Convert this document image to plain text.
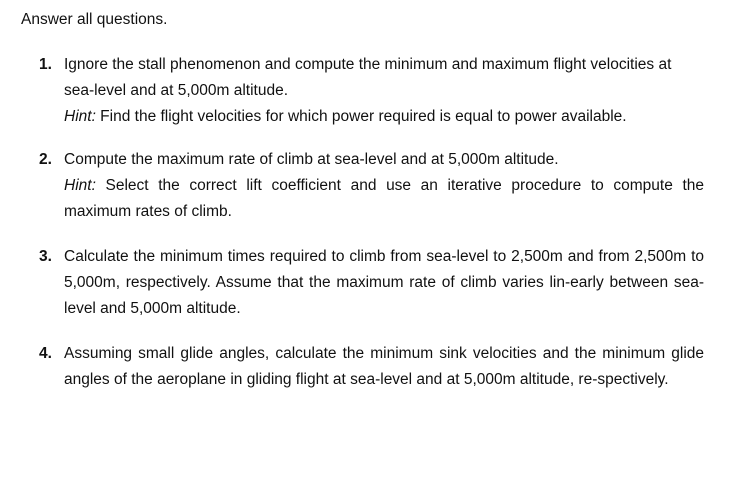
Answer all questions.

1. Ignore the stall phenomenon and compute the minimum and maximum flight velocities at sea-level and at 5,000m altitude.

Hint: Find the flight velocities for which power required is equal to power available.

2. Compute the maximum rate of climb at sea-level and at 5,000m altitude.

Hint: Select the correct lift coefficient and use an iterative procedure to compute the maximum rates of climb.

3. Calculate the minimum times required to climb from sea-level to 2,500m and from 2,500m to 5,000m, respectively. Assume that the maximum rate of climb varies lin-early between sea-level and 5,000m altitude.

4. Assuming small glide angles, calculate the minimum sink velocities and the minimum glide angles of the aeroplane in gliding flight at sea-level and at 5,000m altitude, re-spectively.
